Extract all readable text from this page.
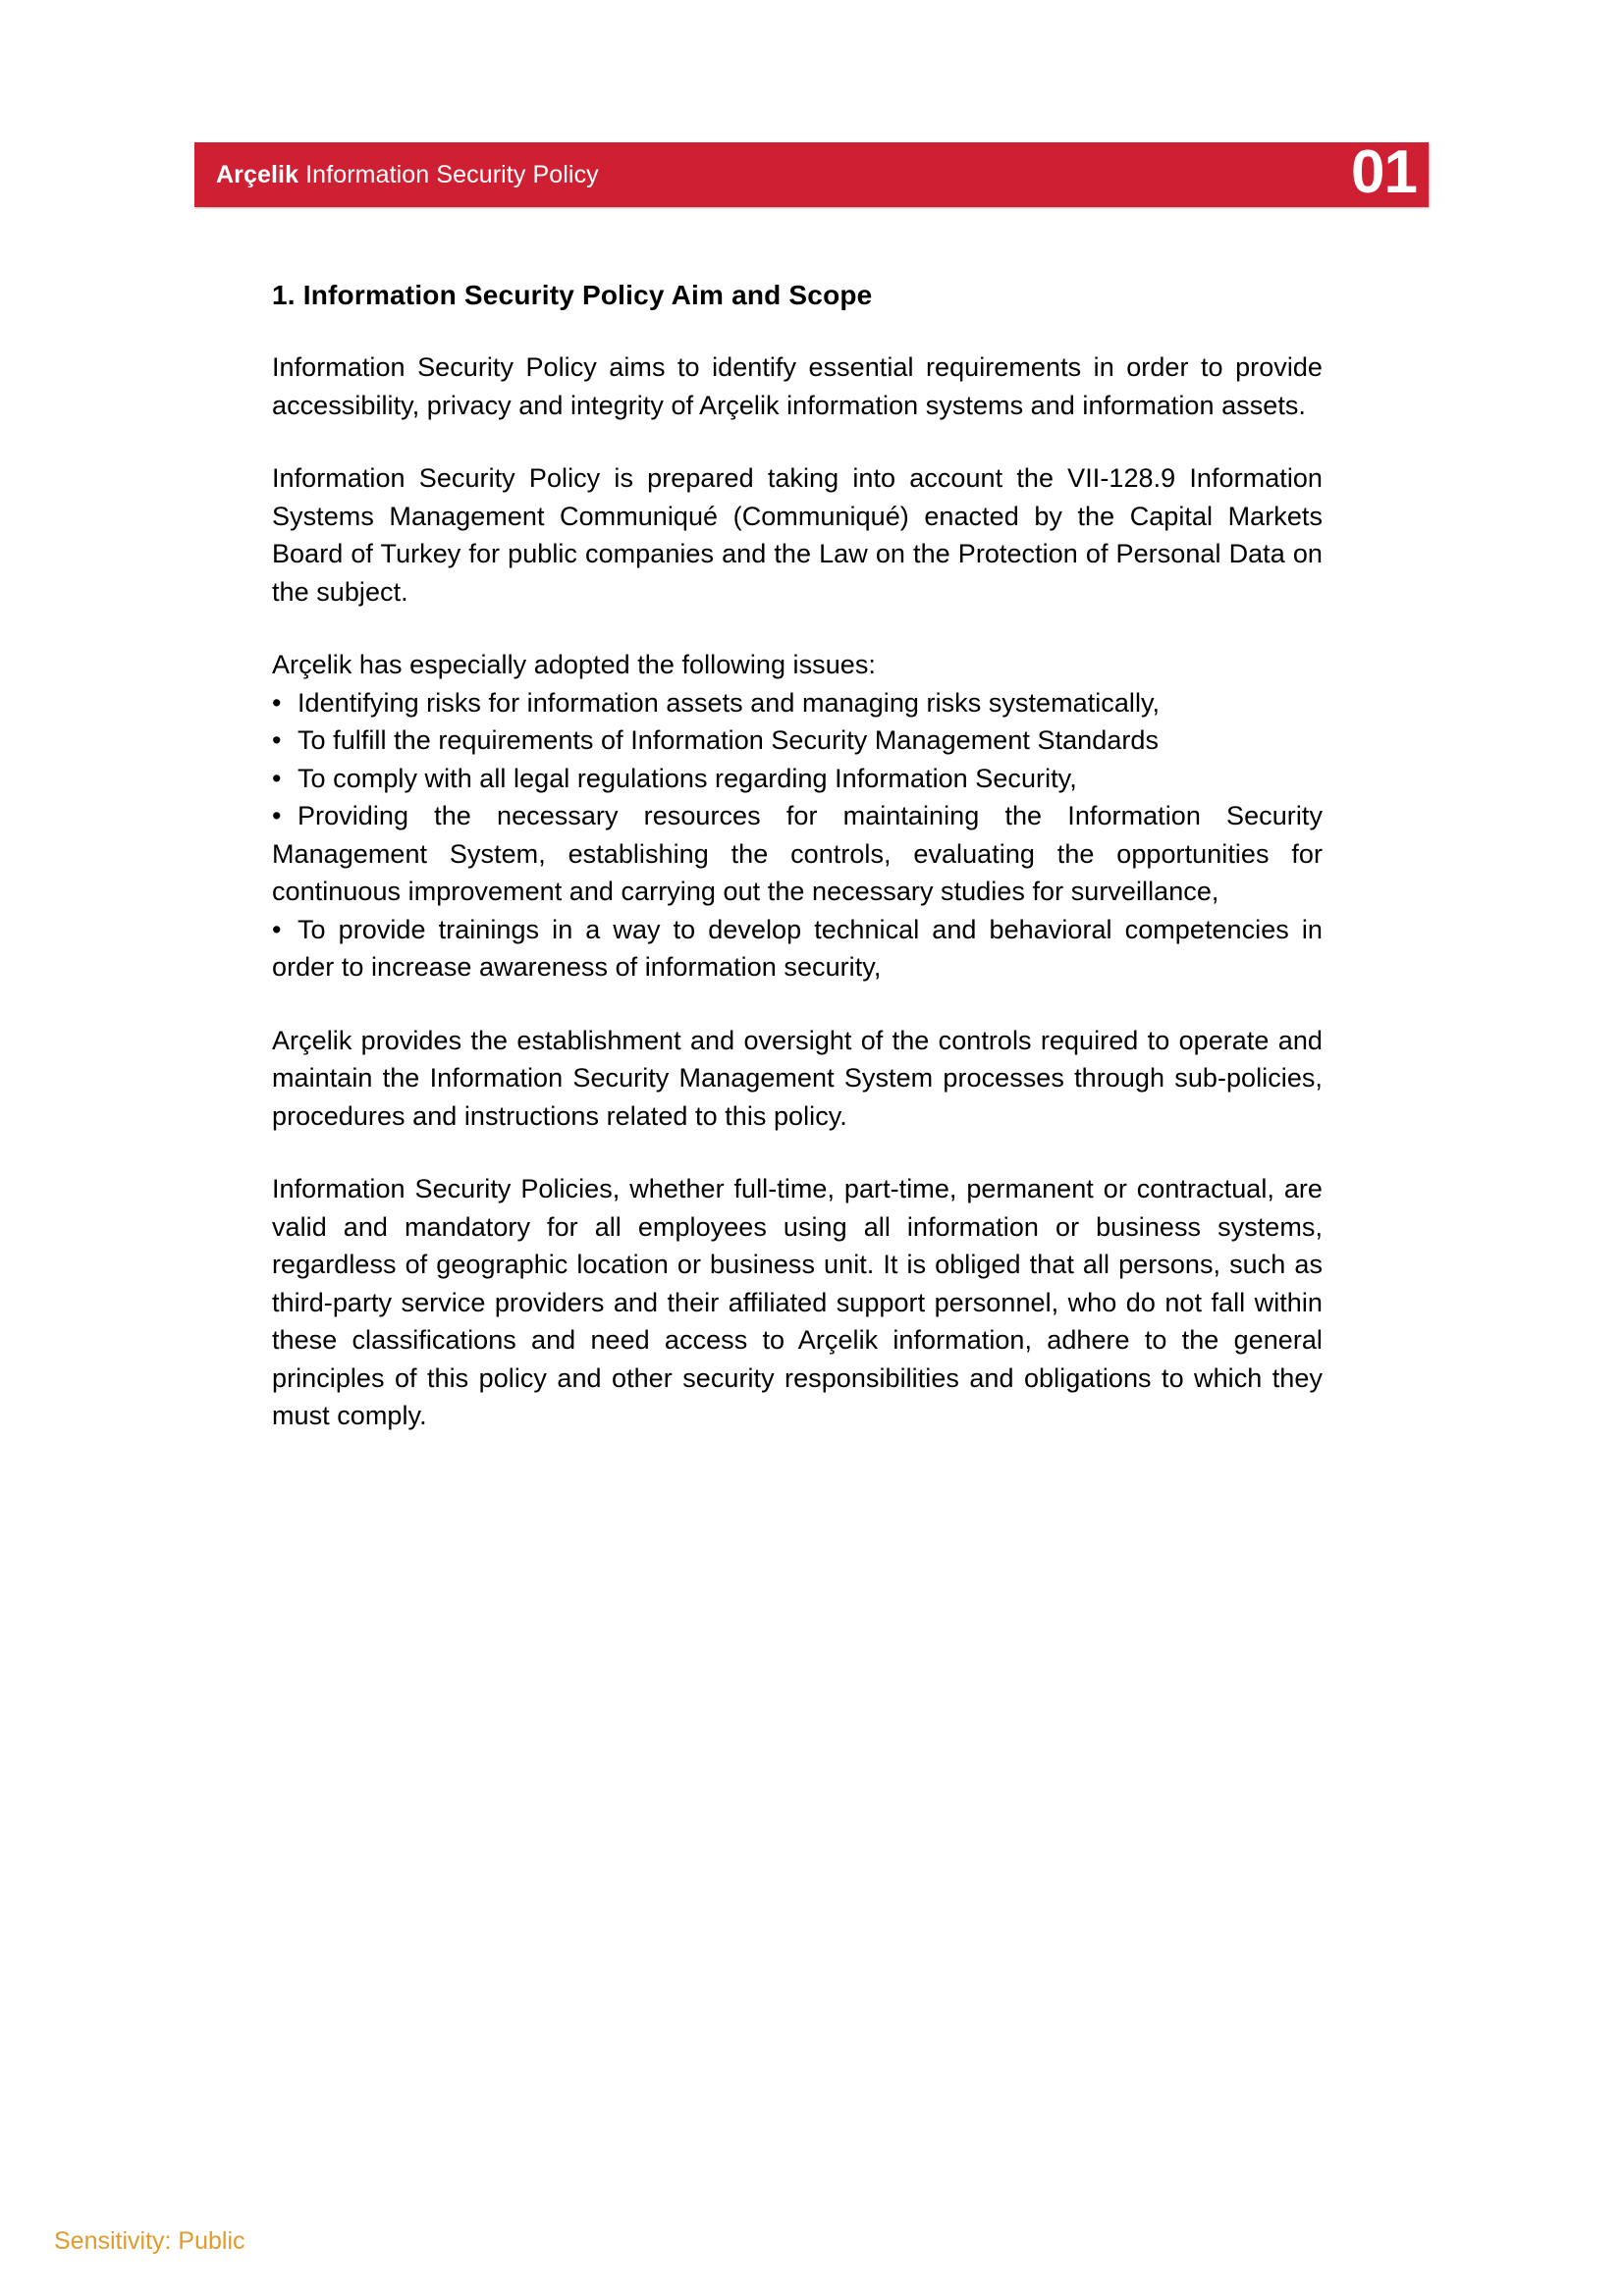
Arçelik Information Security Policy	01
1. Information Security Policy Aim and Scope

Information Security Policy aims to identify essential requirements in order to provide accessibility, privacy and integrity of Arçelik information systems and information assets.

Information Security Policy is prepared taking into account the VII-128.9 Information Systems Management Communiqué (Communiqué) enacted by the Capital Markets Board of Turkey for public companies and the Law on the Protection of Personal Data on the subject.

Arçelik has especially adopted the following issues:

• Identifying risks for information assets and managing risks systematically,

• To fulfill the requirements of Information Security Management Standards

• To comply with all legal regulations regarding Information Security,

• Providing the necessary resources for maintaining the Information Security Management System, establishing the controls, evaluating the opportunities for continuous improvement and carrying out the necessary studies for surveillance,

• To provide trainings in a way to develop technical and behavioral competencies in order to increase awareness of information security,

Arçelik provides the establishment and oversight of the controls required to operate and maintain the Information Security Management System processes through sub-policies, procedures and instructions related to this policy.

Information Security Policies, whether full-time, part-time, permanent or contractual, are valid and mandatory for all employees using all information or business systems, regardless of geographic location or business unit. It is obliged that all persons, such as third-party service providers and their affiliated support personnel, who do not fall within these classifications and need access to Arçelik information, adhere to the general principles of this policy and other security responsibilities and obligations to which they must comply.

Sensitivity: Public
